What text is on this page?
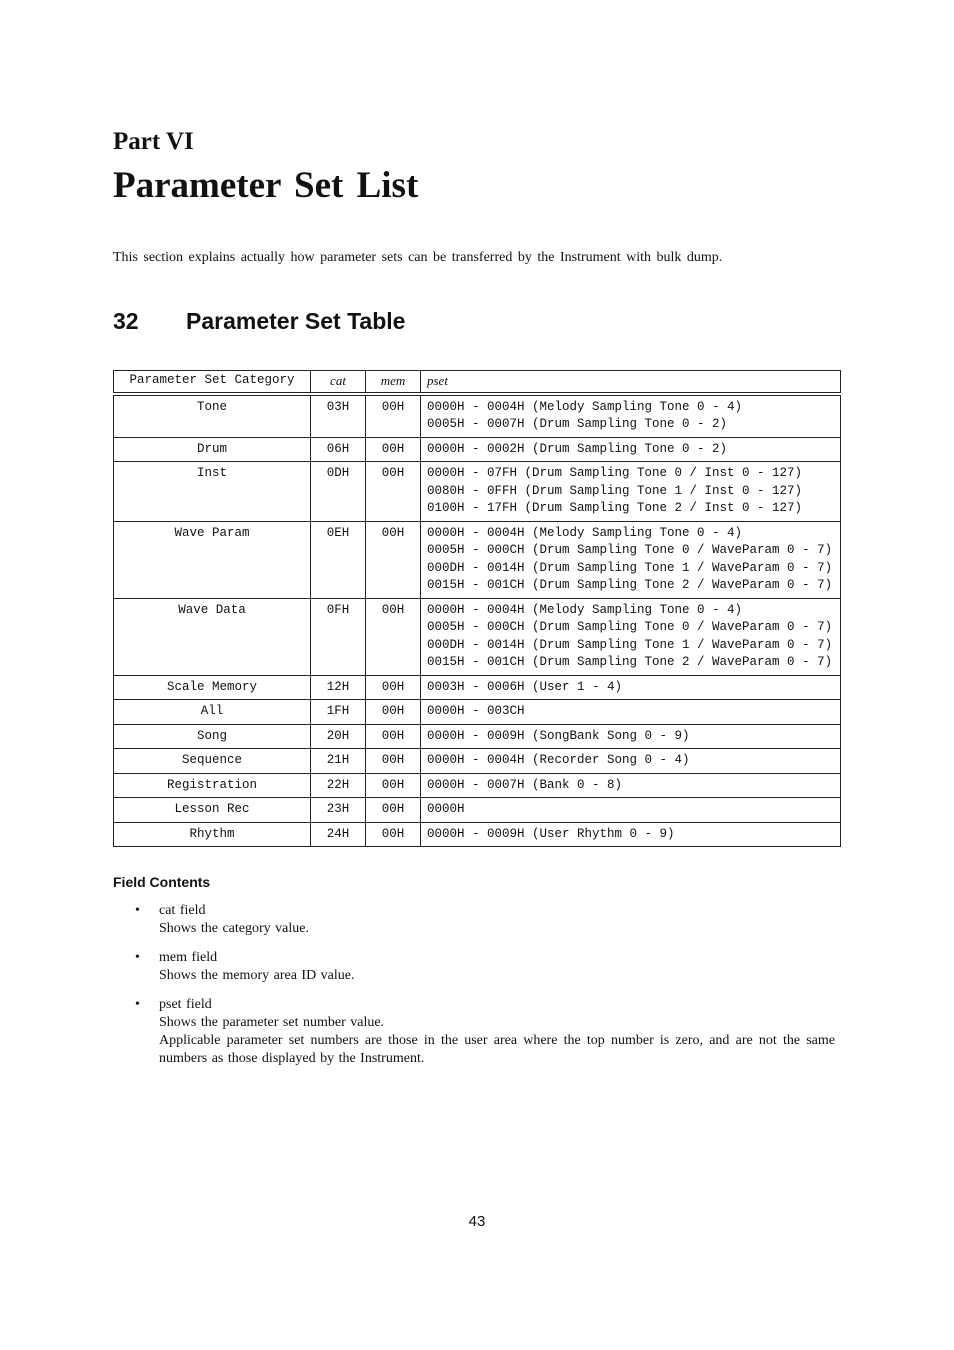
Part VI
Parameter Set List
This section explains actually how parameter sets can be transferred by the Instrument with bulk dump.
32 Parameter Set Table
Parameter Set Category	cat	mem	pset
Tone	03H	00H	0000H - 0004H (Melody Sampling Tone 0 - 4)
0005H - 0007H (Drum Sampling Tone 0 - 2)

Drum	06H	00H	0000H - 0002H (Drum Sampling Tone 0 - 2)

Inst	0DH	00H	0000H - 07FH (Drum Sampling Tone 0 / Inst 0 - 127)
0080H - 0FFH (Drum Sampling Tone 1 / Inst 0 - 127)
0100H - 17FH (Drum Sampling Tone 2 / Inst 0 - 127)

Wave Param	0EH	00H	0000H - 0004H (Melody Sampling Tone 0 - 4)
0005H - 000CH (Drum Sampling Tone 0 / WaveParam 0 - 7)
000DH - 0014H (Drum Sampling Tone 1 / WaveParam 0 - 7)
0015H - 001CH (Drum Sampling Tone 2 / WaveParam 0 - 7)

Wave Data	0FH	00H	0000H - 0004H (Melody Sampling Tone 0 - 4)
0005H - 000CH (Drum Sampling Tone 0 / WaveParam 0 - 7)
000DH - 0014H (Drum Sampling Tone 1 / WaveParam 0 - 7)
0015H - 001CH (Drum Sampling Tone 2 / WaveParam 0 - 7)

Scale Memory	12H	00H	0003H - 0006H (User 1 - 4)

All	1FH	00H	0000H - 003CH

Song	20H	00H	0000H - 0009H (SongBank Song 0 - 9)

Sequence	21H	00H	0000H - 0004H (Recorder Song 0 - 4)

Registration	22H	00H	0000H - 0007H (Bank 0 - 8)

Lesson Rec	23H	00H	0000H

Rhythm	24H	00H	0000H - 0009H (User Rhythm 0 - 9)
Field Contents
• cat field
Shows the category value.
• mem field
Shows the memory area ID value.
• pset field
Shows the parameter set number value.
Applicable parameter set numbers are those in the user area where the top number is zero, and are not the same numbers as those displayed by the Instrument.
43
